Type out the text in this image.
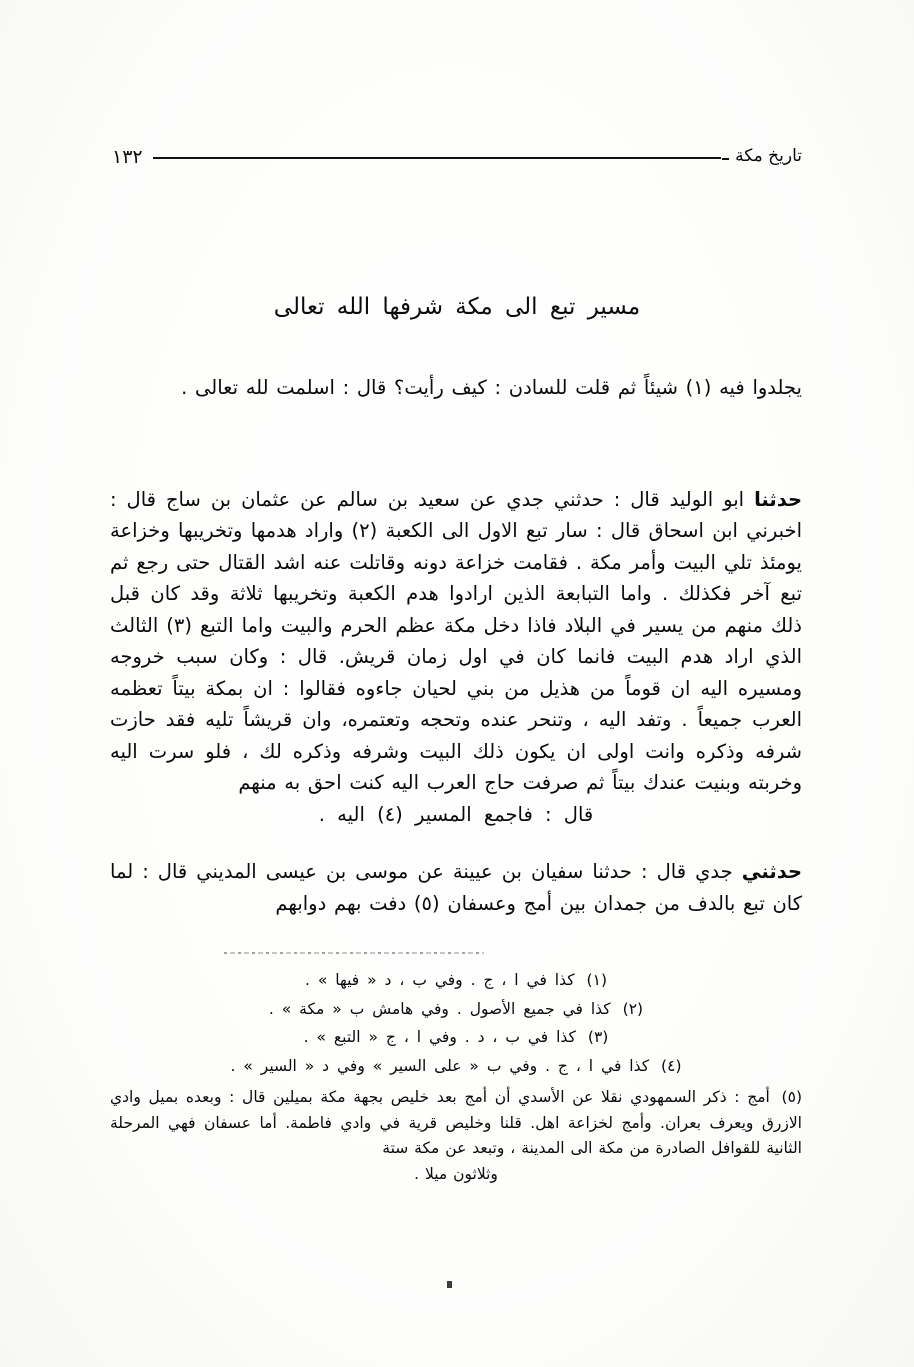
تاريخ مكة
١٣٢

يجلدوا فيه (١) شيئاً ثم قلت للسادن : كيف رأيت؟ قال : اسلمت لله تعالى .

حدثنا ابو الوليد قال : حدثني جدي عن سعيد بن سالم عن عثمان بن ساج قال : اخبرني ابن اسحاق قال : سار تبع الاول الى الكعبة (٢) واراد هدمها وتخريبها وخزاعة يومئذ تلي البيت وأمر مكة . فقامت خزاعة دونه وقاتلت عنه اشد القتال حتى رجع ثم تبع آخر فكذلك . واما التبابعة الذين ارادوا هدم الكعبة وتخريبها ثلاثة وقد كان قبل ذلك منهم من يسير في البلاد فاذا دخل مكة عظم الحرم والبيت واما التبع (٣) الثالث الذي اراد هدم البيت فانما كان في اول زمان قريش. قال : وكان سبب خروجه ومسيره اليه ان قوماً من هذيل من بني لحيان جاءوه فقالوا : ان بمكة بيتاً تعظمه العرب جميعاً . وتفد اليه ، وتنحر عنده وتحجه وتعتمره، وان قريشاً تليه فقد حازت شرفه وذكره وانت اولى ان يكون ذلك البيت وشرفه وذكره لك ، فلو سرت اليه وخربته وبنيت عندك بيتاً ثم صرفت حاج العرب اليه كنت احق به منهم

قال : فاجمع المسير (٤) اليه .

حدثني جدي قال : حدثنا سفيان بن عيينة عن موسى بن عيسى المديني قال : لما كان تبع بالدف من جمدان بين أمج وعسفان (٥) دفت بهم دوابهم

(١) كذا في ا ، ج . وفي ب ، د « فيها » .

(٢) كذا في جميع الأصول . وفي هامش ب « مكة » .

(٣) كذا في ب ، د . وفي ا ، ج « التبع » .

(٤) كذا في ا ، ج . وفي ب « على السير » وفي د « السير » .

(٥) أمج : ذكر السمهودي نقلا عن الأسدي أن أمج بعد خليص بجهة مكة بميلين قال : وبعده بميل وادي الازرق ويعرف بعران. وأمج لخزاعة اهل. قلنا وخليص قرية في وادي فاطمة. أما عسفان فهي المرحلة الثانية للقوافل الصادرة من مكة الى المدينة ، وتبعد عن مكة ستة
وثلاثون ميلا .

مسير تبع الى مكة شرفها الله تعالى
